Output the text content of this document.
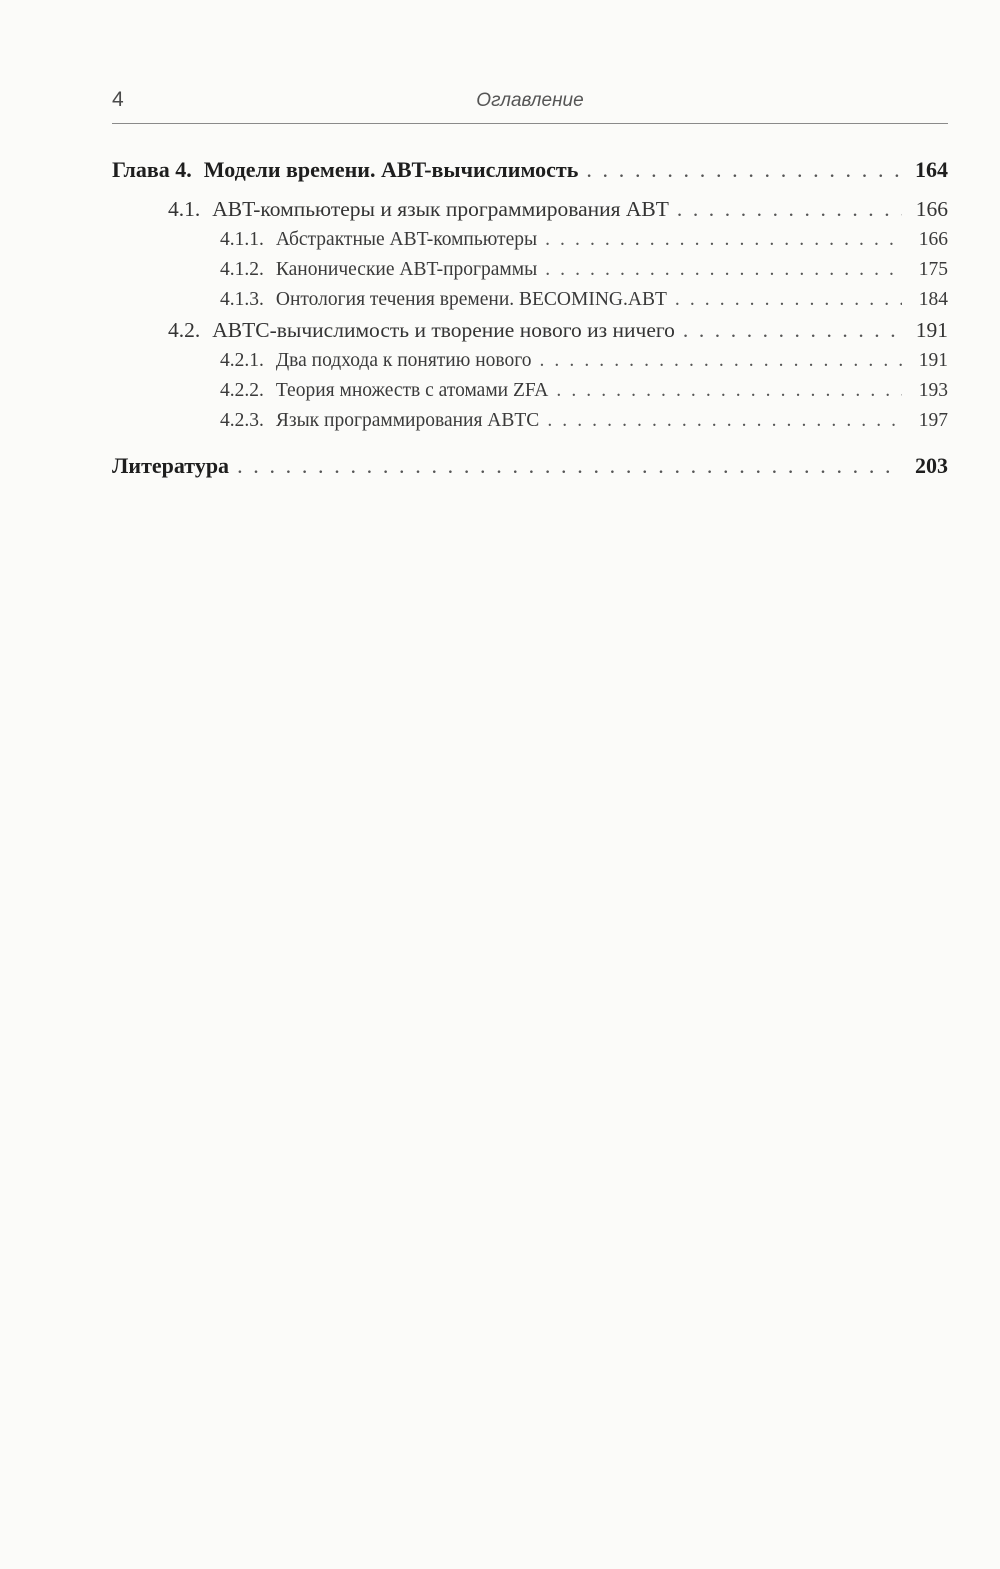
4	Оглавление
Глава 4. Модели времени. ABT-вычислимость . . .	164
4.1. ABT-компьютеры и язык программирования ABT . . .	166
4.1.1. Абстрактные ABT-компьютеры . . .	166
4.1.2. Канонические ABT-программы . . .	175
4.1.3. Онтология течения времени. BECOMING.ABT . . .	184
4.2. ABTC-вычислимость и творение нового из ничего . . .	191
4.2.1. Два подхода к понятию нового . . .	191
4.2.2. Теория множеств с атомами ZFA . . .	193
4.2.3. Язык программирования ABTC . . .	197
Литература . . .	203
